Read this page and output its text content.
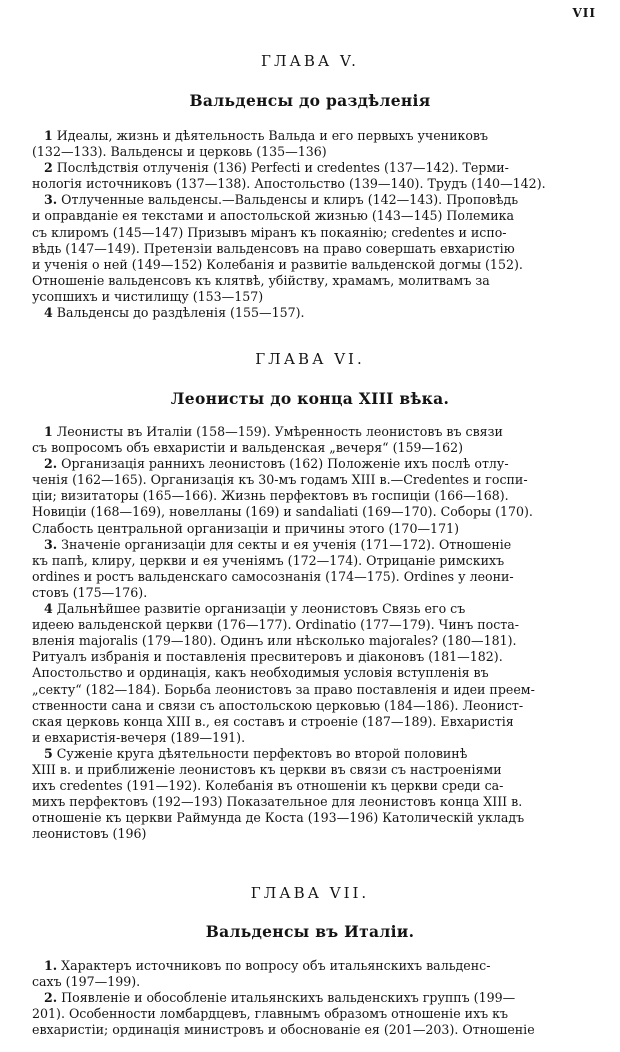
VII

ГЛАВА V.

Вальденсы до раздѣленія

1 Идеалы, жизнь и дѣятельность Вальда и его первыхъ учениковъ
(132—133). Вальденсы и церковь (135—136)
2 Послѣдствія отлученія (136) Perfecti и credentes (137—142). Терми-
нологія источниковъ (137—138). Апостольство (139—140). Трудъ (140—142).
3. Отлученные вальденсы.—Вальденсы и клиръ (142—143). Проповѣдь
и оправданіе ея текстами и апостольской жизнью (143—145) Полемика
съ клиромъ (145—147) Призывъ міранъ къ покаянію; credentes и испо-
вѣдь (147—149). Претензіи вальденсовъ на право совершать евхаристію
и ученія о ней (149—152) Колебанія и развитіе вальденской догмы (152).
Отношеніе вальденсовъ къ клятвѣ, убійству, храмамъ, молитвамъ за
усопшихъ и чистилищу (153—157)
4 Вальденсы до раздѣленія (155—157).

ГЛАВА VI.

Леонисты до конца XIII вѣка.

1 Леонисты въ Италіи (158—159). Умѣренность леонистовъ въ связи
съ вопросомъ объ евхаристіи и вальденская „вечеря“ (159—162)
2. Организація раннихъ леонистовъ (162) Положеніе ихъ послѣ отлу-
ченія (162—165). Организація къ 30-мъ годамъ XIII в.—Credentes и госпи-
ціи; визитаторы (165—166). Жизнь перфектовъ въ госпиціи (166—168).
Новиціи (168—169), новелланы (169) и sandaliati (169—170). Соборы (170).
Слабость центральной организаціи и причины этого (170—171)
3. Значеніе организаціи для секты и ея ученія (171—172). Отношеніе
къ папѣ, клиру, церкви и ея ученіямъ (172—174). Отрицаніе римскихъ
ordines и ростъ вальденскаго самосознанія (174—175). Ordines у леони-
стовъ (175—176).
4 Дальнѣйшее развитіе организаціи у леонистовъ Связь его съ
идеею вальденской церкви (176—177). Ordinatio (177—179). Чинъ поста-
вленія majoralis (179—180). Одинъ или нѣсколько majorales? (180—181).
Ритуалъ избранія и поставленія пресвитеровъ и діаконовъ (181—182).
Апостольство и ординація, какъ необходимыя условія вступленія въ
„секту“ (182—184). Борьба леонистовъ за право поставленія и идеи преем-
ственности сана и связи съ апостольскою церковью (184—186). Леонист-
ская церковь конца XIII в., ея составъ и строеніе (187—189). Евхаристія
и евхаристія-вечеря (189—191).
5 Суженіе круга дѣятельности перфектовъ во второй половинѣ
XIII в. и приближеніе леонистовъ къ церкви въ связи съ настроеніями
ихъ credentes (191—192). Колебанія въ отношеніи къ церкви среди са-
михъ перфектовъ (192—193) Показательное для леонистовъ конца XIII в.
отношеніе къ церкви Раймунда де Коста (193—196) Католическій укладъ
леонистовъ (196)

ГЛАВА VII.

Вальденсы въ Италіи.

1. Характеръ источниковъ по вопросу объ итальянскихъ вальденс-
сахъ (197—199).
2. Появленіе и обособленіе итальянскихъ вальденскихъ группъ (199—
201). Особенности ломбардцевъ, главнымъ образомъ отношеніе ихъ къ
евхаристіи; ординація министровъ и обоснованіе ея (201—203). Отношеніе
